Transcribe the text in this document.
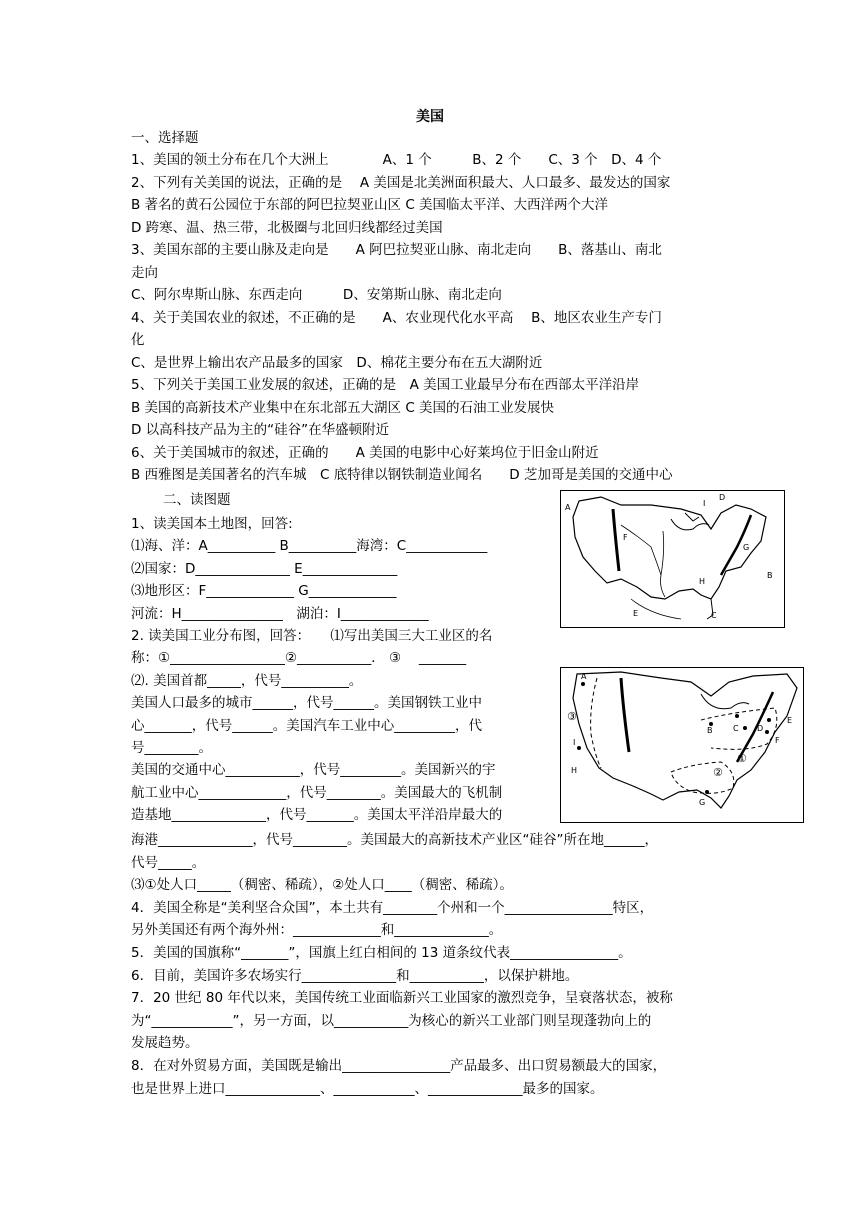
美国
一、选择题
1、美国的领土分布在几个大洲上　　　　A、1 个　　　B、2 个　　C、3 个　D、4 个
2、下列有关美国的说法，正确的是　 A 美国是北美洲面积最大、人口最多、最发达的国家
B 著名的黄石公园位于东部的阿巴拉契亚山区 C 美国临太平洋、大西洋两个大洋
D 跨寒、温、热三带，北极圈与北回归线都经过美国
3、美国东部的主要山脉及走向是　　A 阿巴拉契亚山脉、南北走向　　B、落基山、南北
走向
C、阿尔卑斯山脉、东西走向　　　D、安第斯山脉、南北走向
4、关于美国农业的叙述，不正确的是　　A、农业现代化水平高　 B、地区农业生产专门
化
C、是世界上输出农产品最多的国家　D、棉花主要分布在五大湖附近
5、下列关于美国工业发展的叙述，正确的是　A 美国工业最早分布在西部太平洋沿岸
B 美国的高新技术产业集中在东北部五大湖区 C 美国的石油工业发展快
D 以高科技产品为主的“硅谷”在华盛顿附近
6、关于美国城市的叙述，正确的　　A 美国的电影中心好莱坞位于旧金山附近
B 西雅图是美国著名的汽车城　C 底特律以钢铁制造业闻名　　D 芝加哥是美国的交通中心
二、读图题
1、读美国本土地图，回答:
⑴海、洋：A__________ B__________海湾：C____________
⑵国家：D______________ E______________
⑶地形区：F_____________ G_____________
河流：H_______________　湖泊：I_____________
2. 读美国工业分布图，回答：　　⑴写出美国三大工业区的名
称：①_________________②___________． ③　 _______
⑵. 美国首都_____，代号__________。
美国人口最多的城市______，代号______。美国钢铁工业中
心_______，代号______。美国汽车工业中心_________，代
号________。
美国的交通中心___________，代号_________。美国新兴的宇
航工业中心_____________，代号________。美国最大的飞机制
造基地______________，代号_______。美国太平洋沿岸最大的
海港______________，代号________。美国最大的高新技术产业区“硅谷”所在地______，
代号_____。
⑶①处人口_____（稠密、稀疏），②处人口____（稠密、稀疏）。
4．美国全称是“美利坚合众国”，本土共有________个州和一个________________特区，
另外美国还有两个海外州：_____________和______________。
5．美国的国旗称“_______”，国旗上红白相间的 13 道条纹代表________________。
6．目前，美国许多农场实行______________和___________，以保护耕地。
7．20 世纪 80 年代以来，美国传统工业面临新兴工业国家的激烈竞争，呈衰落状态，被称
为“____________”，另一方面，以___________为核心的新兴工业部门则呈现蓬勃向上的
发展趋势。
8．在对外贸易方面，美国既是输出________________产品最多、出口贸易额最大的国家，
也是世界上进口______________、____________、______________最多的国家。
A
B
C
D
E
F
G
H
I
A
B	C D
E
F
G
H
I
①
②
③
